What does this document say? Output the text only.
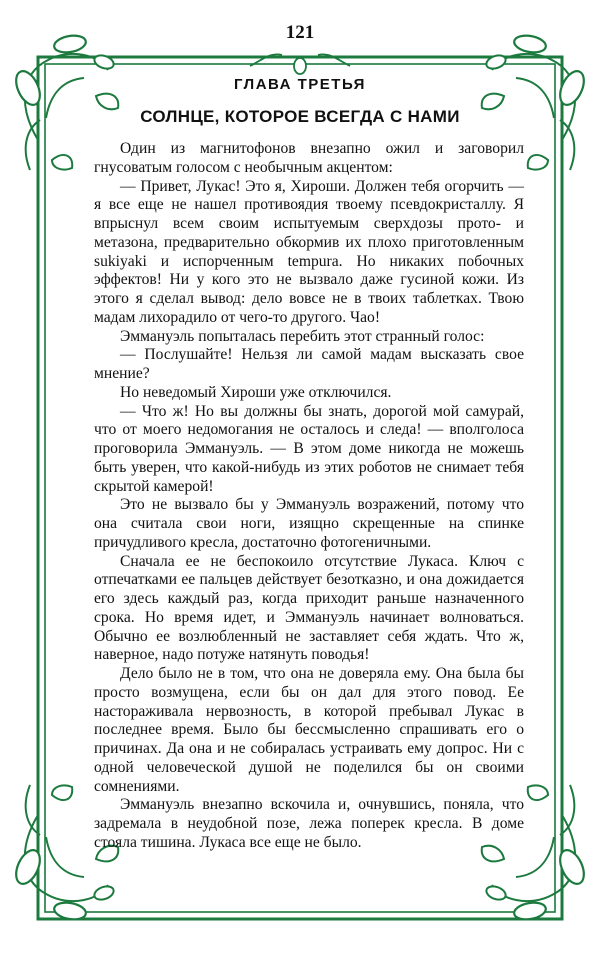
121
ГЛАВА ТРЕТЬЯ
СОЛНЦЕ, КОТОРОЕ ВСЕГДА С НАМИ

Один из магнитофонов внезапно ожил и заговорил гнусоватым голосом с необычным акцентом:

— Привет, Лукас! Это я, Хироши. Должен тебя огорчить — я все еще не нашел противоядия твоему псевдокристаллу. Я впрыснул всем своим испытуемым сверхдозы прото- и метазона, предварительно обкормив их плохо приготовленным sukiyaki и испорченным tempura. Но никаких побочных эффектов! Ни у кого это не вызвало даже гусиной кожи. Из этого я сделал вывод: дело вовсе не в твоих таблетках. Твою мадам лихорадило от чего-то другого. Чао!

Эммануэль попыталась перебить этот странный голос:

— Послушайте! Нельзя ли самой мадам высказать свое мнение?

Но неведомый Хироши уже отключился.

— Что ж! Но вы должны бы знать, дорогой мой самурай, что от моего недомогания не осталось и следа! — вполголоса проговорила Эммануэль. — В этом доме никогда не можешь быть уверен, что какой-нибудь из этих роботов не снимает тебя скрытой камерой!

Это не вызвало бы у Эммануэль возражений, потому что она считала свои ноги, изящно скрещенные на спинке причудливого кресла, достаточно фотогеничными.

Сначала ее не беспокоило отсутствие Лукаса. Ключ с отпечатками ее пальцев действует безотказно, и она дожидается его здесь каждый раз, когда приходит раньше назначенного срока. Но время идет, и Эммануэль начинает волноваться. Обычно ее возлюбленный не заставляет себя ждать. Что ж, наверное, надо потуже натянуть поводья!

Дело было не в том, что она не доверяла ему. Она была бы просто возмущена, если бы он дал для этого повод. Ее настораживала нервозность, в которой пребывал Лукас в последнее время. Было бы бессмысленно спрашивать его о причинах. Да она и не собиралась устраивать ему допрос. Ни с одной человеческой душой не поделился бы он своими сомнениями.

Эммануэль внезапно вскочила и, очнувшись, поняла, что задремала в неудобной позе, лежа поперек кресла. В доме стояла тишина. Лукаса все еще не было.
